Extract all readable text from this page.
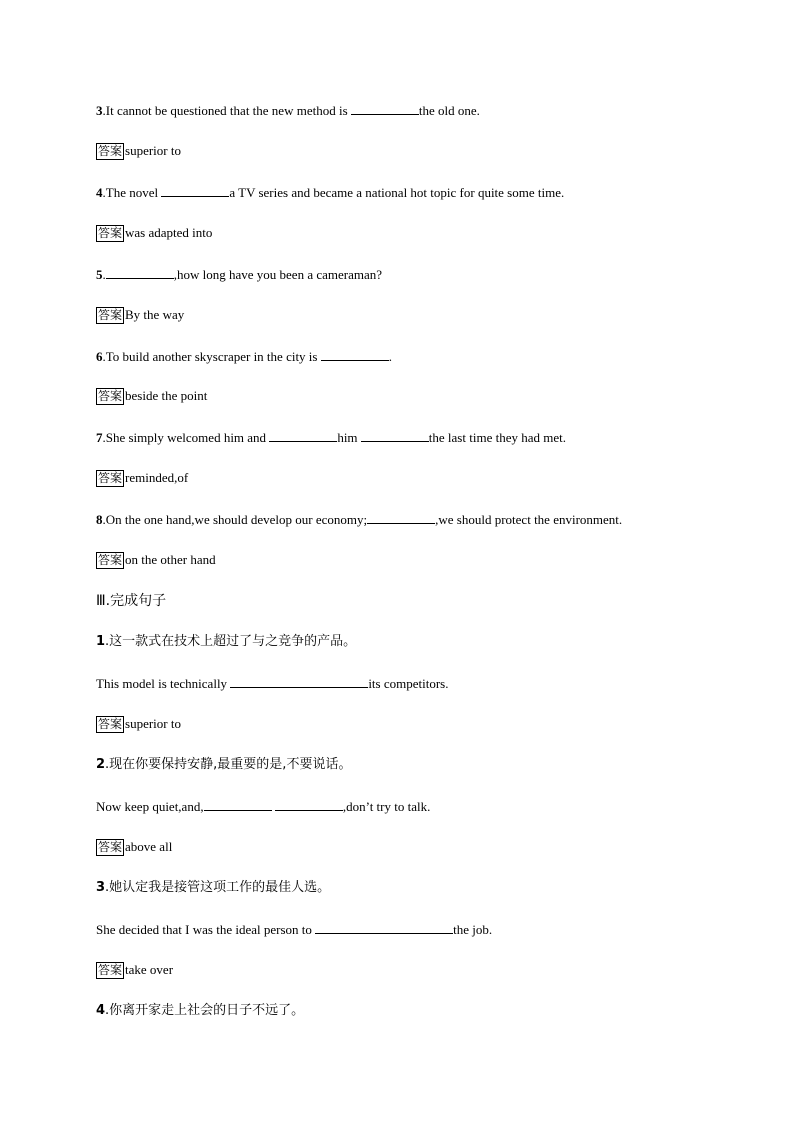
3.It cannot be questioned that the new method is	the old one.
答案 superior to
4.The novel	a TV series and became a national hot topic for quite some time.
答案 was adapted into
5.	,how long have you been a cameraman?
答案 By the way
6.To build another skyscraper in the city is	.
答案 beside the point
7.She simply welcomed him and	him	the last time they had met.
答案 reminded,of
8.On the one hand,we should develop our economy;	,we should protect the environment.
答案 on the other hand
Ⅲ.完成句子
1.这一款式在技术上超过了与之竞争的产品。
This model is technically	its competitors.
答案 superior to
2.现在你要保持安静,最重要的是,不要说话。
Now keep quiet,and,	,don’t try to talk.
答案 above all
3.她认定我是接管这项工作的最佳人选。
She decided that I was the ideal person to	the job.
答案 take over
4.你离开家走上社会的日子不远了。
